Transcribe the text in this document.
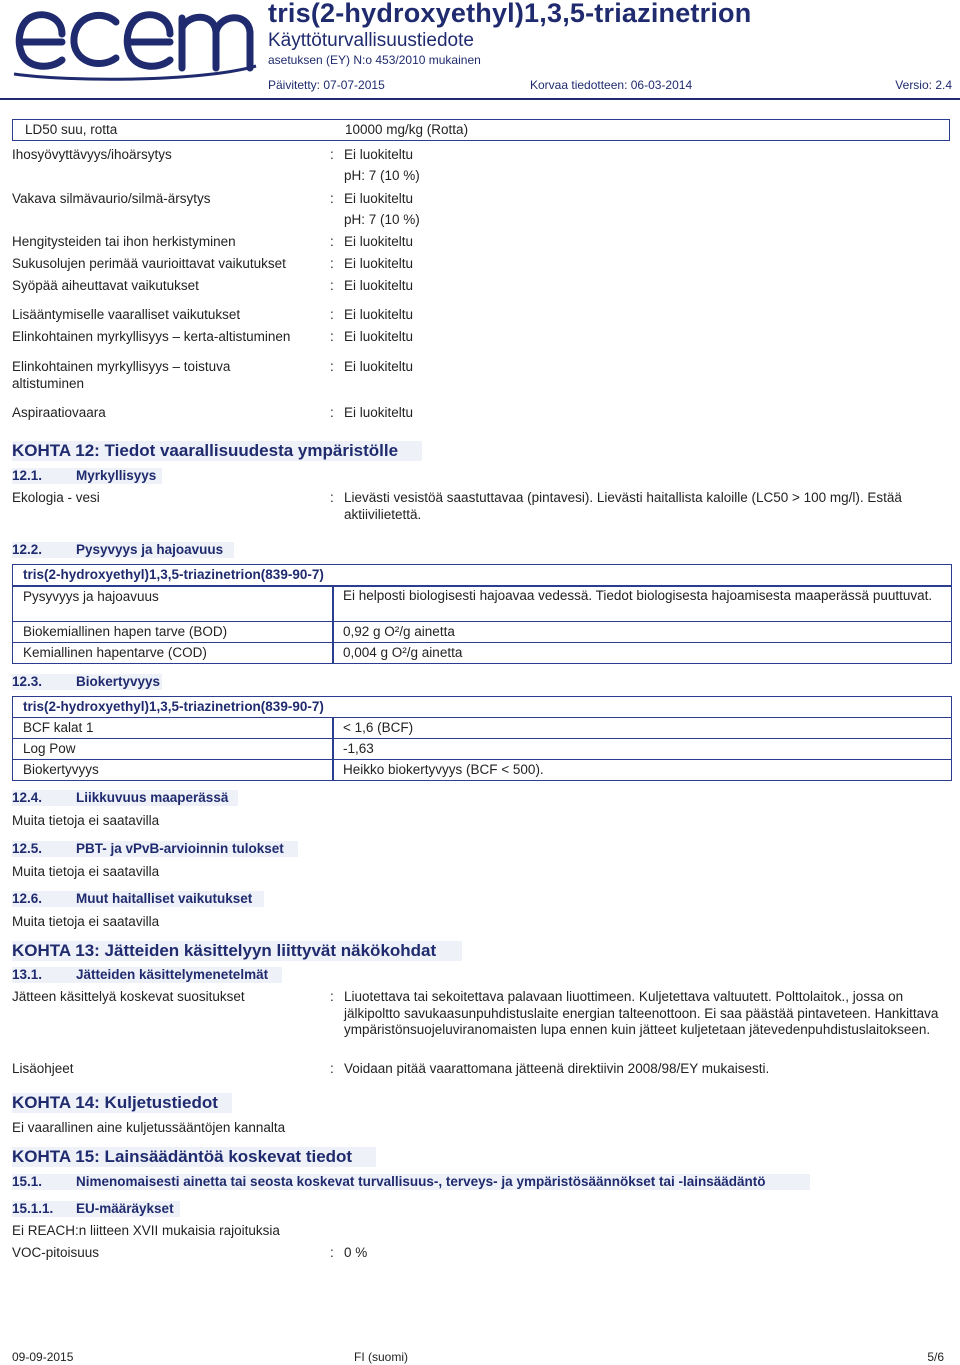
tris(2-hydroxyethyl)1,3,5-triazinetrion
Käyttöturvallisuustiedote
asetuksen (EY) N:o 453/2010 mukainen
Päivitetty: 07-07-2015	Korvaa tiedotteen: 06-03-2014	Versio: 2.4
LD50 suu, rotta	10000 mg/kg (Rotta)
Ihosyövyttävyys/ihoärsytys	: Ei luokiteltu
pH: 7 (10 %)
Vakava silmävaurio/silmä-ärsytys	: Ei luokiteltu
pH: 7 (10 %)
Hengitysteiden tai ihon herkistyminen	: Ei luokiteltu
Sukusolujen perimää vaurioittavat vaikutukset	: Ei luokiteltu
Syöpää aiheuttavat vaikutukset	: Ei luokiteltu
Lisääntymiselle vaaralliset vaikutukset	: Ei luokiteltu
Elinkohtainen myrkyllisyys – kerta-altistuminen	: Ei luokiteltu
Elinkohtainen myrkyllisyys – toistuva altistuminen
: Ei luokiteltu
Aspiraatiovaara	: Ei luokiteltu
KOHTA 12: Tiedot vaarallisuudesta ympäristölle
12.1.	Myrkyllisyys
Ekologia - vesi	: Lievästi vesistöä saastuttavaa (pintavesi). Lievästi haitallista kaloille (LC50 > 100 mg/l). Estää aktiivilietettä.
12.2.	Pysyvyys ja hajoavuus
tris(2-hydroxyethyl)1,3,5-triazinetrion(839-90-7)
Pysyvyys ja hajoavuus	Ei helposti biologisesti hajoavaa vedessä. Tiedot biologisesta hajoamisesta maaperässä puuttuvat.
Biokemiallinen hapen tarve (BOD)	0,92 g O²/g ainetta
Kemiallinen hapentarve (COD)	0,004 g O²/g ainetta
12.3.	Biokertyvyys
tris(2-hydroxyethyl)1,3,5-triazinetrion(839-90-7)
BCF kalat 1	< 1,6 (BCF)
Log Pow	-1,63
Biokertyvyys	Heikko biokertyvyys (BCF < 500).
12.4.	Liikkuvuus maaperässä
Muita tietoja ei saatavilla
12.5.	PBT- ja vPvB-arvioinnin tulokset
Muita tietoja ei saatavilla
12.6.	Muut haitalliset vaikutukset
Muita tietoja ei saatavilla
KOHTA 13: Jätteiden käsittelyyn liittyvät näkökohdat
13.1.	Jätteiden käsittelymenetelmät
Jätteen käsittelyä koskevat suositukset	: Liuotettava tai sekoitettava palavaan liuottimeen. Kuljetettava valtuutett. Polttolaitok., jossa on jälkipoltto savukaasunpuhdistuslaite energian talteenottoon. Ei saa päästää pintaveteen. Hankittava ympäristönsuojeluviranomaisten lupa ennen kuin jätteet kuljetetaan jätevedenpuhdistuslaitokseen.
Lisäohjeet	: Voidaan pitää vaarattomana jätteenä direktiivin 2008/98/EY mukaisesti.
KOHTA 14: Kuljetustiedot
Ei vaarallinen aine kuljetussääntöjen kannalta
KOHTA 15: Lainsäädäntöä koskevat tiedot
15.1.	Nimenomaisesti ainetta tai seosta koskevat turvallisuus-, terveys- ja ympäristösäännökset tai -lainsäädäntö
15.1.1. EU-määräykset
Ei REACH:n liitteen XVII mukaisia rajoituksia
VOC-pitoisuus	: 0 %
09-09-2015	FI (suomi)	5/6
